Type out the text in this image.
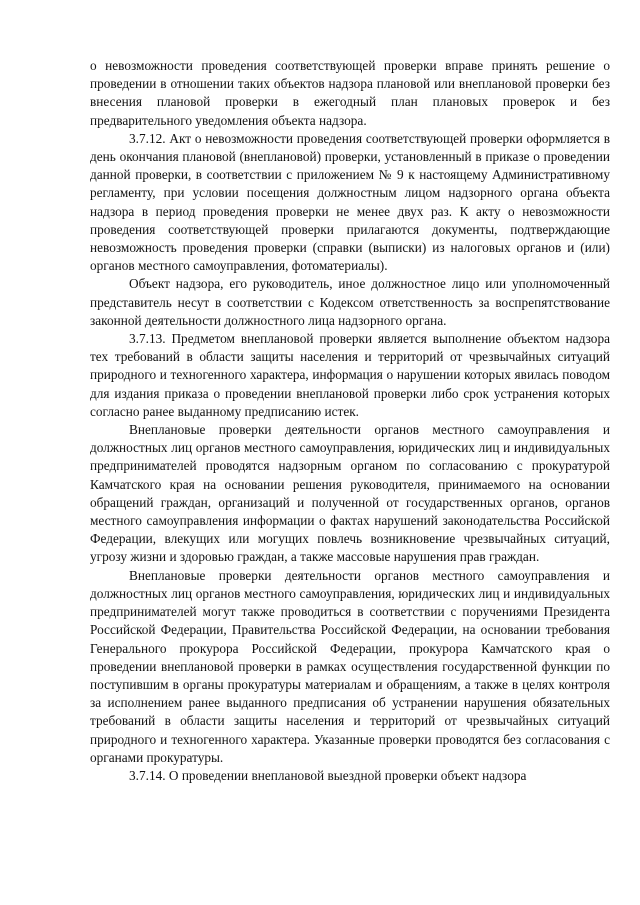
о невозможности проведения соответствующей проверки вправе принять решение о проведении в отношении таких объектов надзора плановой или внеплановой проверки без внесения плановой проверки в ежегодный план плановых проверок и без предварительного уведомления объекта надзора.

3.7.12. Акт о невозможности проведения соответствующей проверки оформляется в день окончания плановой (внеплановой) проверки, установленный в приказе о проведении данной проверки, в соответствии с приложением № 9 к настоящему Административному регламенту, при условии посещения должностным лицом надзорного органа объекта надзора в период проведения проверки не менее двух раз. К акту о невозможности проведения соответствующей проверки прилагаются документы, подтверждающие невозможность проведения проверки (справки (выписки) из налоговых органов и (или) органов местного самоуправления, фотоматериалы).

Объект надзора, его руководитель, иное должностное лицо или уполномоченный представитель несут в соответствии с Кодексом ответственность за воспрепятствование законной деятельности должностного лица надзорного органа.

3.7.13. Предметом внеплановой проверки является выполнение объектом надзора тех требований в области защиты населения и территорий от чрезвычайных ситуаций природного и техногенного характера, информация о нарушении которых явилась поводом для издания приказа о проведении внеплановой проверки либо срок устранения которых согласно ранее выданному предписанию истек.

Внеплановые проверки деятельности органов местного самоуправления и должностных лиц органов местного самоуправления, юридических лиц и индивидуальных предпринимателей проводятся надзорным органом по согласованию с прокуратурой Камчатского края на основании решения руководителя, принимаемого на основании обращений граждан, организаций и полученной от государственных органов, органов местного самоуправления информации о фактах нарушений законодательства Российской Федерации, влекущих или могущих повлечь возникновение чрезвычайных ситуаций, угрозу жизни и здоровью граждан, а также массовые нарушения прав граждан.

Внеплановые проверки деятельности органов местного самоуправления и должностных лиц органов местного самоуправления, юридических лиц и индивидуальных предпринимателей могут также проводиться в соответствии с поручениями Президента Российской Федерации, Правительства Российской Федерации, на основании требования Генерального прокурора Российской Федерации, прокурора Камчатского края о проведении внеплановой проверки в рамках осуществления государственной функции по поступившим в органы прокуратуры материалам и обращениям, а также в целях контроля за исполнением ранее выданного предписания об устранении нарушения обязательных требований в области защиты населения и территорий от чрезвычайных ситуаций природного и техногенного характера. Указанные проверки проводятся без согласования с органами прокуратуры.

3.7.14. О проведении внеплановой выездной проверки объект надзора
